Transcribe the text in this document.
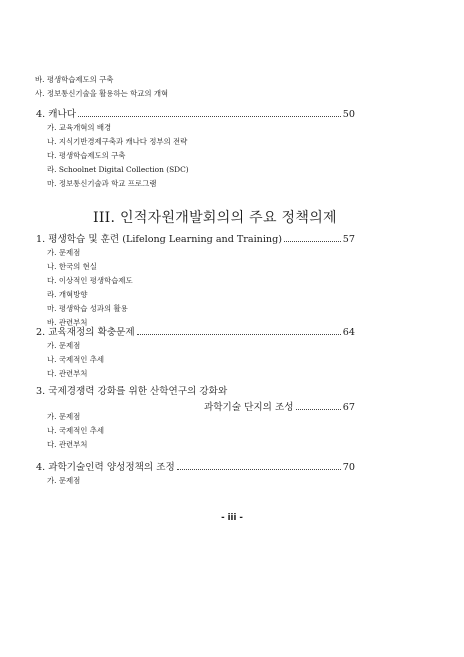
바. 평생학습제도의 구축
사. 정보통신기술을 활용하는 학교의 개혁
4. 캐나다	50
가. 교육개혁의 배경
나. 지식기반경제구축과 캐나다 정부의 전략
다. 평생학습제도의 구축
라. Schoolnet Digital Collection (SDC)
마. 정보통신기술과 학교 프로그램
III. 인적자원개발회의의 주요 정책의제
1. 평생학습 및 훈련 (Lifelong Learning and Training)	57
가. 문제점
나. 한국의 현실
다. 이상적인 평생학습제도
라. 개혁방향
마. 평생학습 성과의 활용
바. 관련부처
2. 교육재정의 확충문제	64
가. 문제점
나. 국제적인 추세
다. 관련부처
3. 국제경쟁력 강화를 위한 산학연구의 강화와
과학기술 단지의 조성	67
가. 문제점
나. 국제적인 추세
다. 관련부처
4. 과학기술인력 양성정책의 조정	70
가. 문제점
- iii -
